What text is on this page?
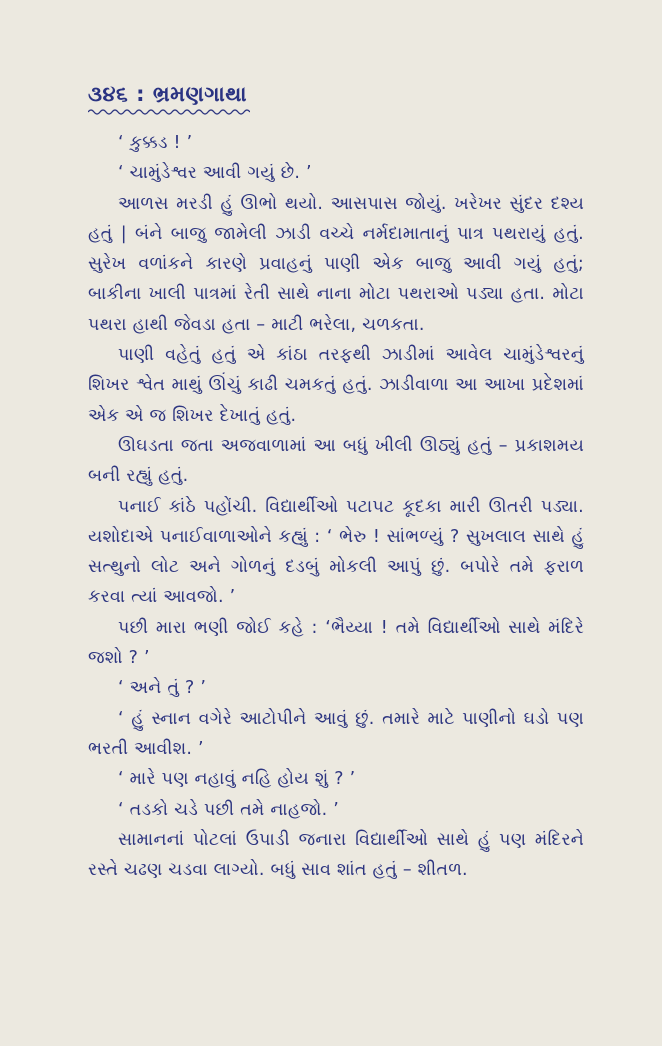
૩૪૬ : ભ્રમણગાથા

‘ કુક્કડ ! ’

‘ ચામુંડેશ્વર આવી ગયું છે. ’

આળસ મરડી હું ઊભો થયો. આસપાસ જોયું. ખરેખર સુંદર દશ્ય હતું | બંને બાજુ જામેલી ઝાડી વચ્ચે નર્મદામાતાનું પાત્ર પથરાયું હતું. સુરેખ વળાંકને કારણે પ્રવાહનું પાણી એક બાજુ આવી ગયું હતું; બાકીના ખાલી પાત્રમાં રેતી સાથે નાના મોટા પથરાઓ પડ્યા હતા. મોટા પથરા હાથી જેવડા હતા – માટી ભરેલા, ચળકતા.

પાણી વહેતું હતું એ કાંઠા તરફથી ઝાડીમાં આવેલ ચામુંડેશ્વરનું શિખર શ્વેત માથું ઊંચું કાઢી ચમકતું હતું. ઝાડીવાળા આ આખા પ્રદેશમાં એક એ જ શિખર દેખાતું હતું.

ઊઘડતા જતા અજવાળામાં આ બધું ખીલી ઊઠ્યું હતું – પ્રકાશમય બની રહ્યું હતું.

પનાઈ કાંઠે પહોંચી. વિદ્યાર્થીઓ પટાપટ કૂદકા મારી ઊતરી પડ્યા. યશોદાએ પનાઈવાળાઓને કહ્યું : ‘ ભેરુ ! સાંભળ્યું ? સુખલાલ સાથે હું સત્થુનો લોટ અને ગોળનું દડબું મોકલી આપું છું. બપોરે તમે ફરાળ કરવા ત્યાં આવજો. ’

પછી મારા ભણી જોઈ કહે : ‘ભૈય્યા ! તમે વિદ્યાર્થીઓ સાથે મંદિરે જશો ? ’

‘ અને તું ? ’

‘ હું સ્નાન વગેરે આટોપીને આવું છું. તમારે માટે પાણીનો ઘડો પણ ભરતી આવીશ. ’

‘ મારે પણ નહાવું નહિ હોય શું ? ’

‘ તડકો ચડે પછી તમે નાહજો. ’

સામાનનાં પોટલાં ઉપાડી જનારા વિદ્યાર્થીઓ સાથે હું પણ મંદિરને રસ્તે ચઢણ ચડવા લાગ્યો. બધું સાવ શાંત હતું – શીતળ.
